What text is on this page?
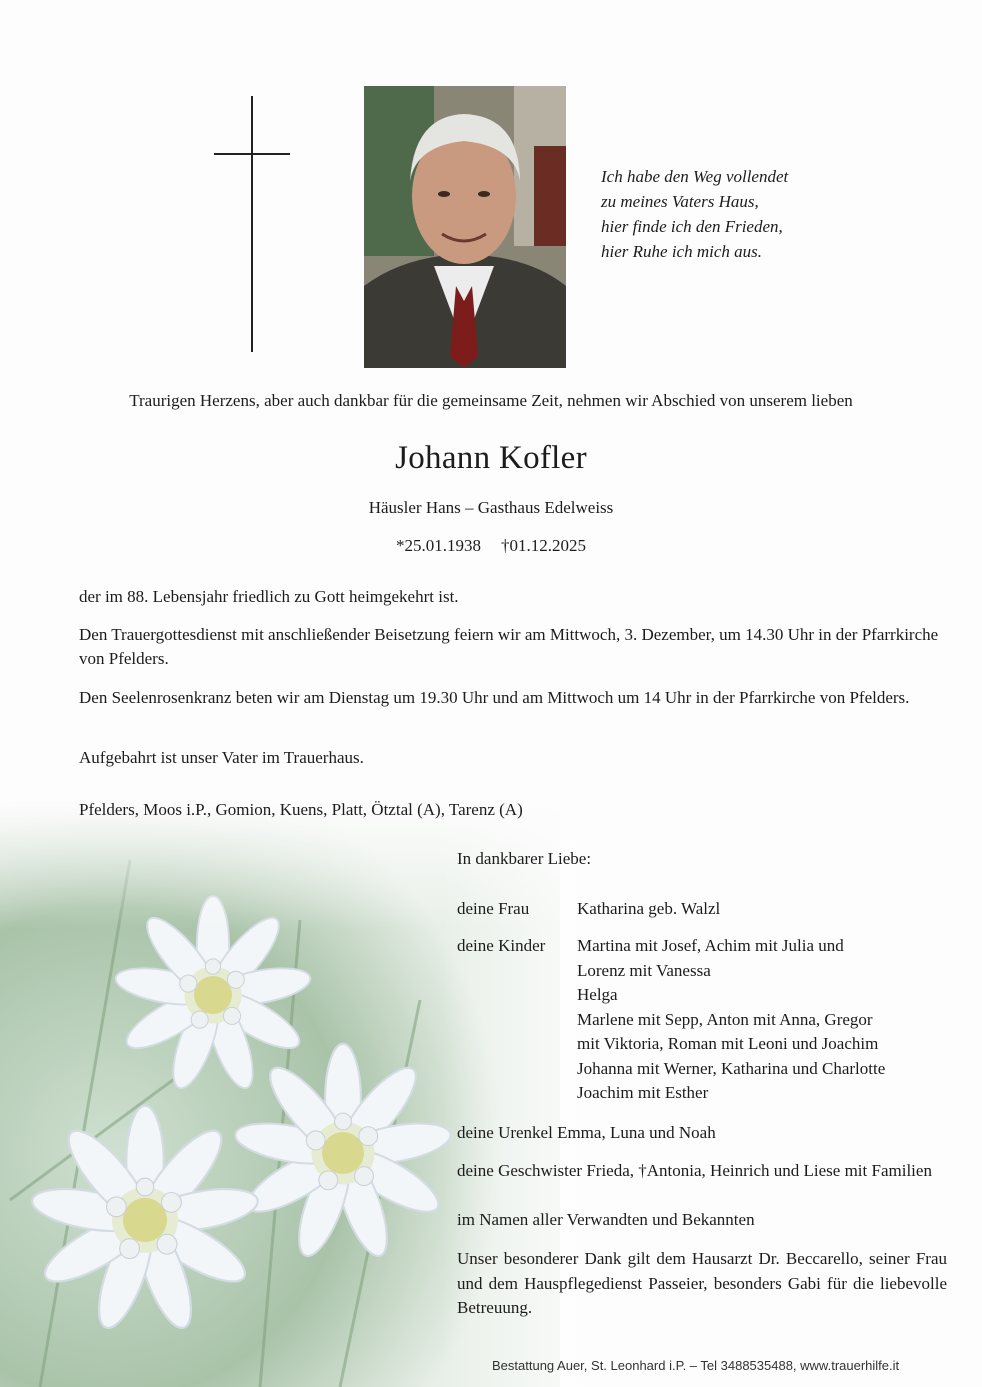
Ich habe den Weg vollendet
zu meines Vaters Haus,
hier finde ich den Frieden,
hier Ruhe ich mich aus.
Traurigen Herzens, aber auch dankbar für die gemeinsame Zeit, nehmen wir Abschied von unserem lieben
Johann Kofler
Häusler Hans – Gasthaus Edelweiss
*25.01.1938 †01.12.2025
der im 88. Lebensjahr friedlich zu Gott heimgekehrt ist.
Den Trauergottesdienst mit anschließender Beisetzung feiern wir am Mittwoch, 3. Dezember, um 14.30 Uhr in der Pfarrkirche von Pfelders.
Den Seelenrosenkranz beten wir am Dienstag um 19.30 Uhr und am Mittwoch um 14 Uhr in der Pfarrkirche von Pfelders.
Aufgebahrt ist unser Vater im Trauerhaus.
Pfelders, Moos i.P., Gomion, Kuens, Platt, Ötztal (A), Tarenz (A)
In dankbarer Liebe:
deine Frau	Katharina geb. Walzl
deine Kinder Martina mit Josef, Achim mit Julia und
Lorenz mit Vanessa
Helga
Marlene mit Sepp, Anton mit Anna, Gregor
mit Viktoria, Roman mit Leoni und Joachim
Johanna mit Werner, Katharina und Charlotte
Joachim mit Esther
deine Urenkel Emma, Luna und Noah
deine Geschwister Frieda, †Antonia, Heinrich und Liese mit Familien
im Namen aller Verwandten und Bekannten
Unser besonderer Dank gilt dem Hausarzt Dr. Beccarello, seiner Frau und dem Hauspflegedienst Passeier, besonders Gabi für die liebevolle Betreuung.
Bestattung Auer, St. Leonhard i.P. – Tel 3488535488, www.trauerhilfe.it
